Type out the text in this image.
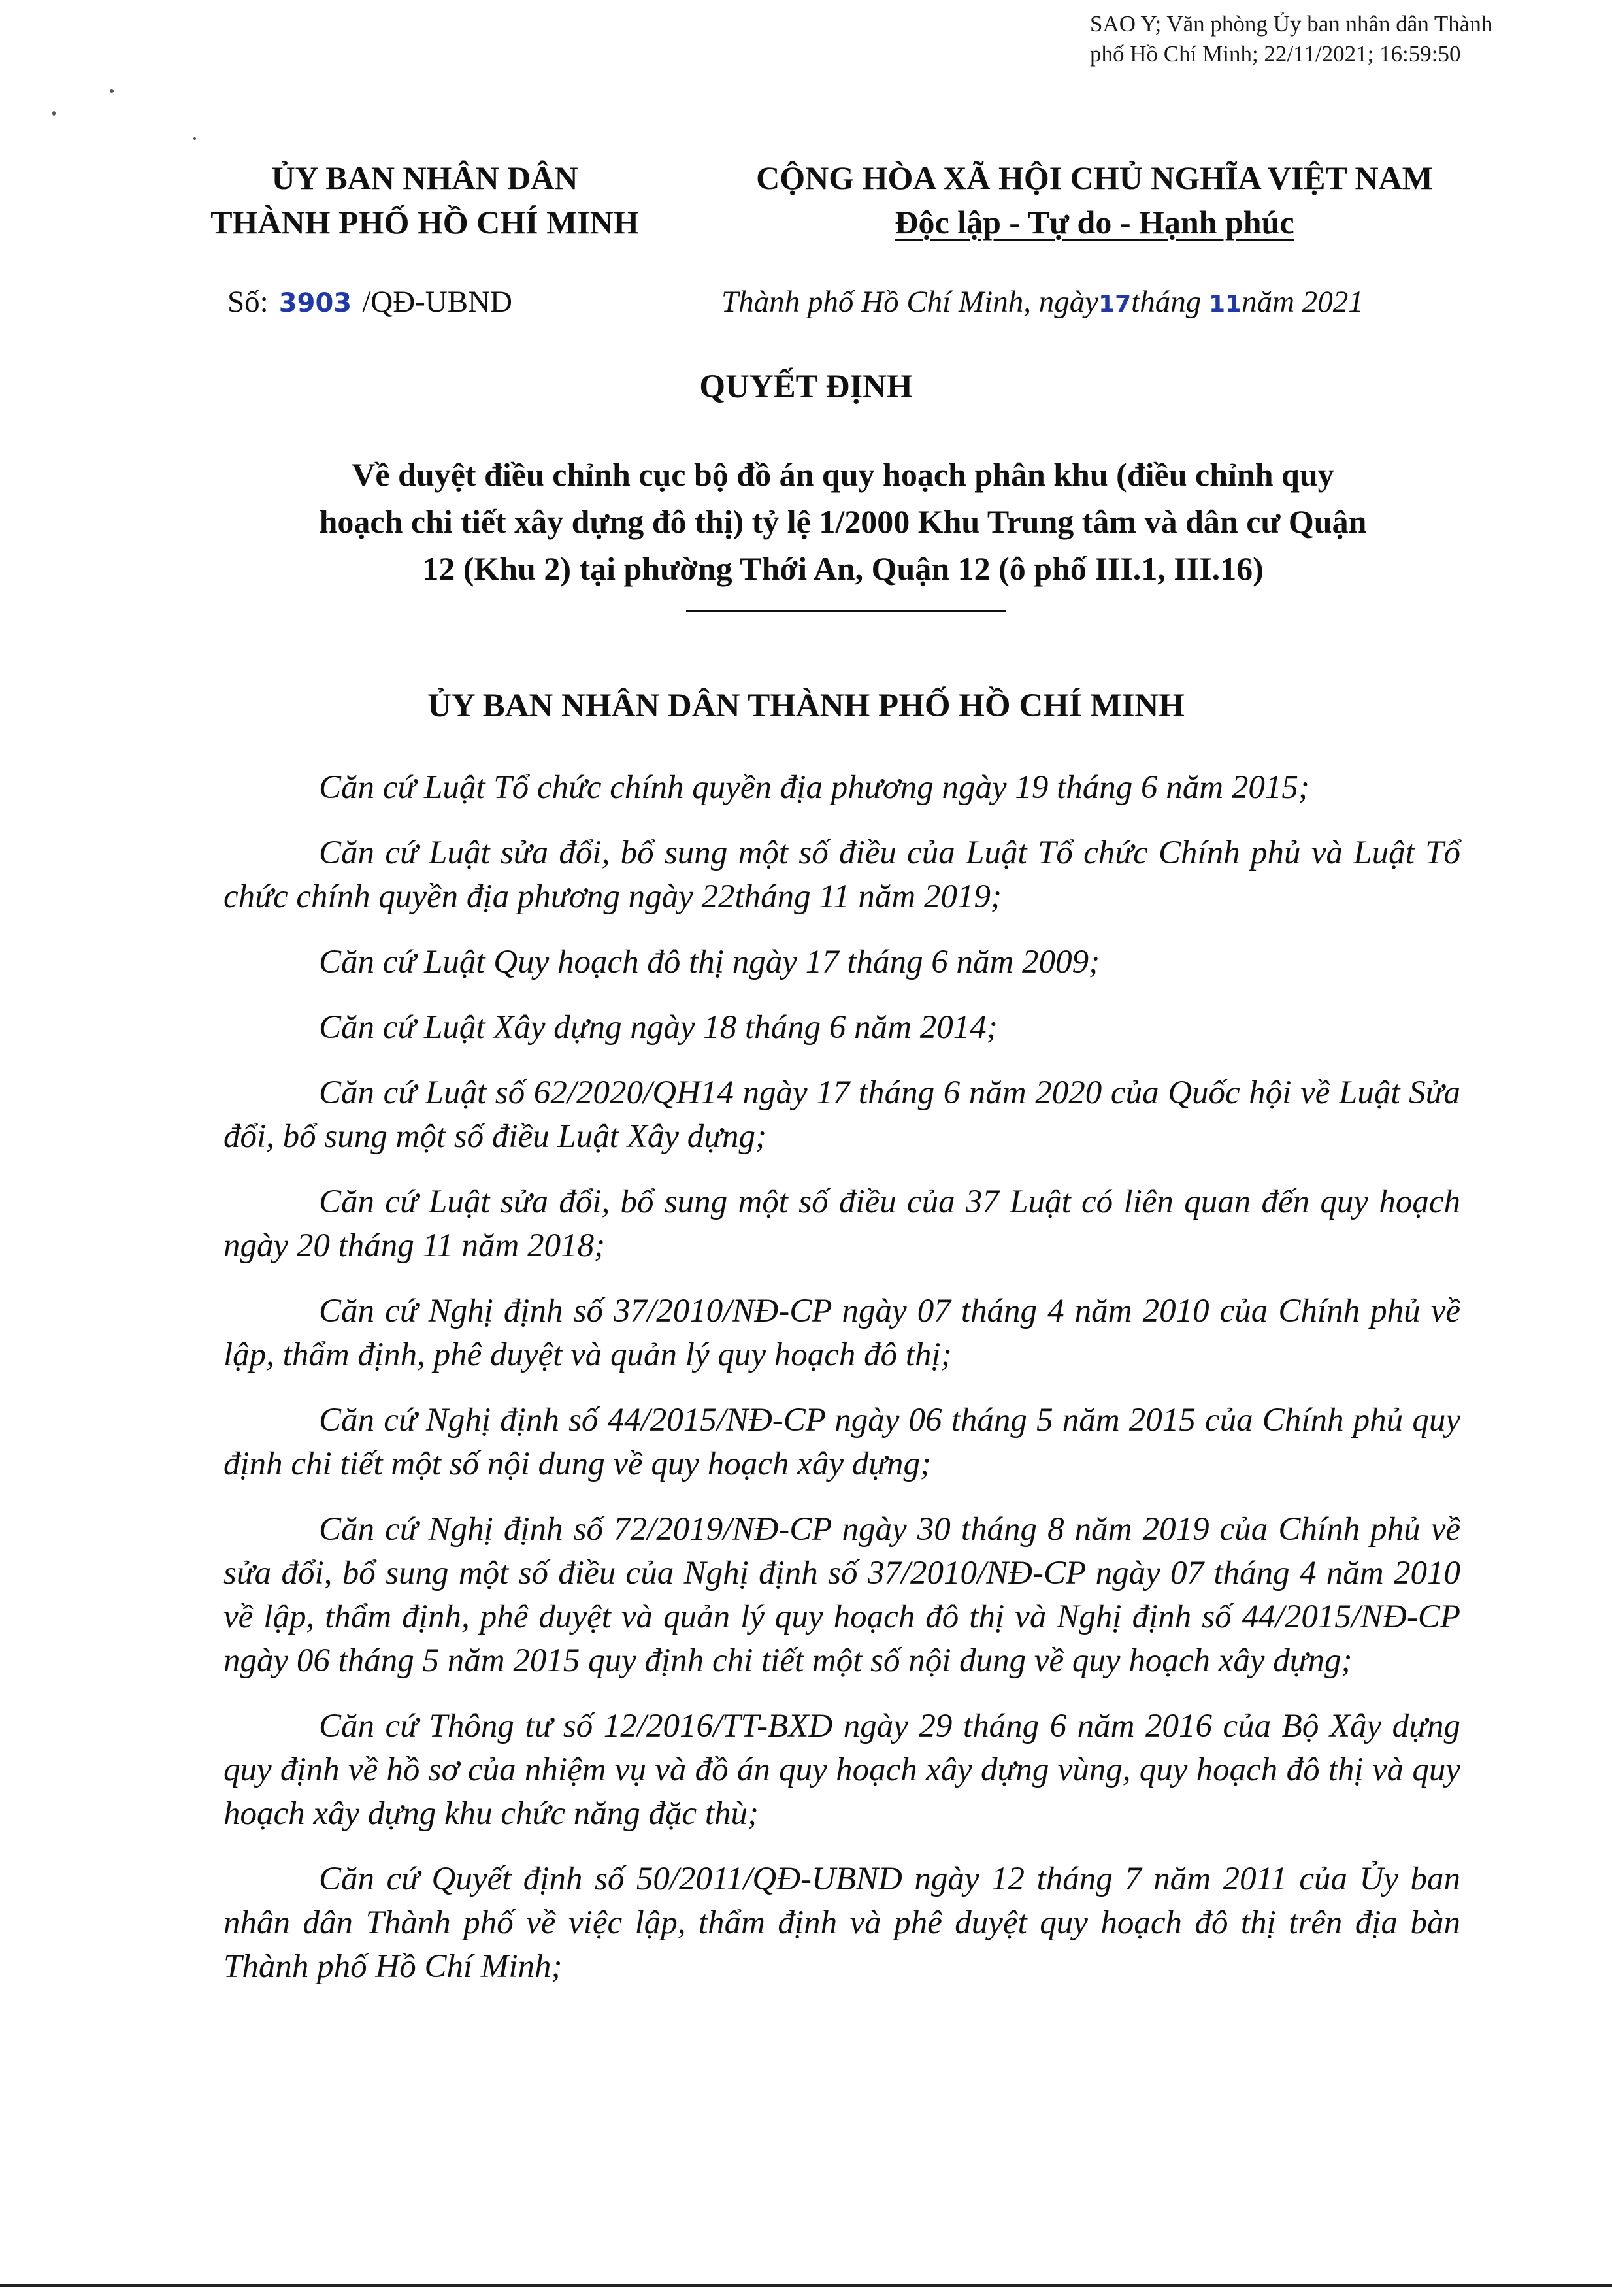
SAO Y; Văn phòng Ủy ban nhân dân Thành
phố Hồ Chí Minh; 22/11/2021; 16:59:50
ỦY BAN NHÂN DÂN
THÀNH PHỐ HỒ CHÍ MINH
CỘNG HÒA XÃ HỘI CHỦ NGHĨA VIỆT NAM
Độc lập - Tự do - Hạnh phúc
Số: 3903 /QĐ-UBND	Thành phố Hồ Chí Minh, ngày17tháng 11năm 2021
QUYẾT ĐỊNH
Về duyệt điều chỉnh cục bộ đồ án quy hoạch phân khu (điều chỉnh quy
hoạch chi tiết xây dựng đô thị) tỷ lệ 1/2000 Khu Trung tâm và dân cư Quận
12 (Khu 2) tại phường Thới An, Quận 12 (ô phố III.1, III.16)
ỦY BAN NHÂN DÂN THÀNH PHỐ HỒ CHÍ MINH

Căn cứ Luật Tổ chức chính quyền địa phương ngày 19 tháng 6 năm 2015;

Căn cứ Luật sửa đổi, bổ sung một số điều của Luật Tổ chức Chính phủ và Luật Tổ chức chính quyền địa phương ngày 22tháng 11 năm 2019;

Căn cứ Luật Quy hoạch đô thị ngày 17 tháng 6 năm 2009;

Căn cứ Luật Xây dựng ngày 18 tháng 6 năm 2014;

Căn cứ Luật số 62/2020/QH14 ngày 17 tháng 6 năm 2020 của Quốc hội về Luật Sửa đổi, bổ sung một số điều Luật Xây dựng;

Căn cứ Luật sửa đổi, bổ sung một số điều của 37 Luật có liên quan đến quy hoạch ngày 20 tháng 11 năm 2018;

Căn cứ Nghị định số 37/2010/NĐ-CP ngày 07 tháng 4 năm 2010 của Chính phủ về lập, thẩm định, phê duyệt và quản lý quy hoạch đô thị;

Căn cứ Nghị định số 44/2015/NĐ-CP ngày 06 tháng 5 năm 2015 của Chính phủ quy định chi tiết một số nội dung về quy hoạch xây dựng;

Căn cứ Nghị định số 72/2019/NĐ-CP ngày 30 tháng 8 năm 2019 của Chính phủ về sửa đổi, bổ sung một số điều của Nghị định số 37/2010/NĐ-CP ngày 07 tháng 4 năm 2010 về lập, thẩm định, phê duyệt và quản lý quy hoạch đô thị và Nghị định số 44/2015/NĐ-CP ngày 06 tháng 5 năm 2015 quy định chi tiết một số nội dung về quy hoạch xây dựng;

Căn cứ Thông tư số 12/2016/TT-BXD ngày 29 tháng 6 năm 2016 của Bộ Xây dựng quy định về hồ sơ của nhiệm vụ và đồ án quy hoạch xây dựng vùng, quy hoạch đô thị và quy hoạch xây dựng khu chức năng đặc thù;

Căn cứ Quyết định số 50/2011/QĐ-UBND ngày 12 tháng 7 năm 2011 của Ủy ban nhân dân Thành phố về việc lập, thẩm định và phê duyệt quy hoạch đô thị trên địa bàn Thành phố Hồ Chí Minh;
